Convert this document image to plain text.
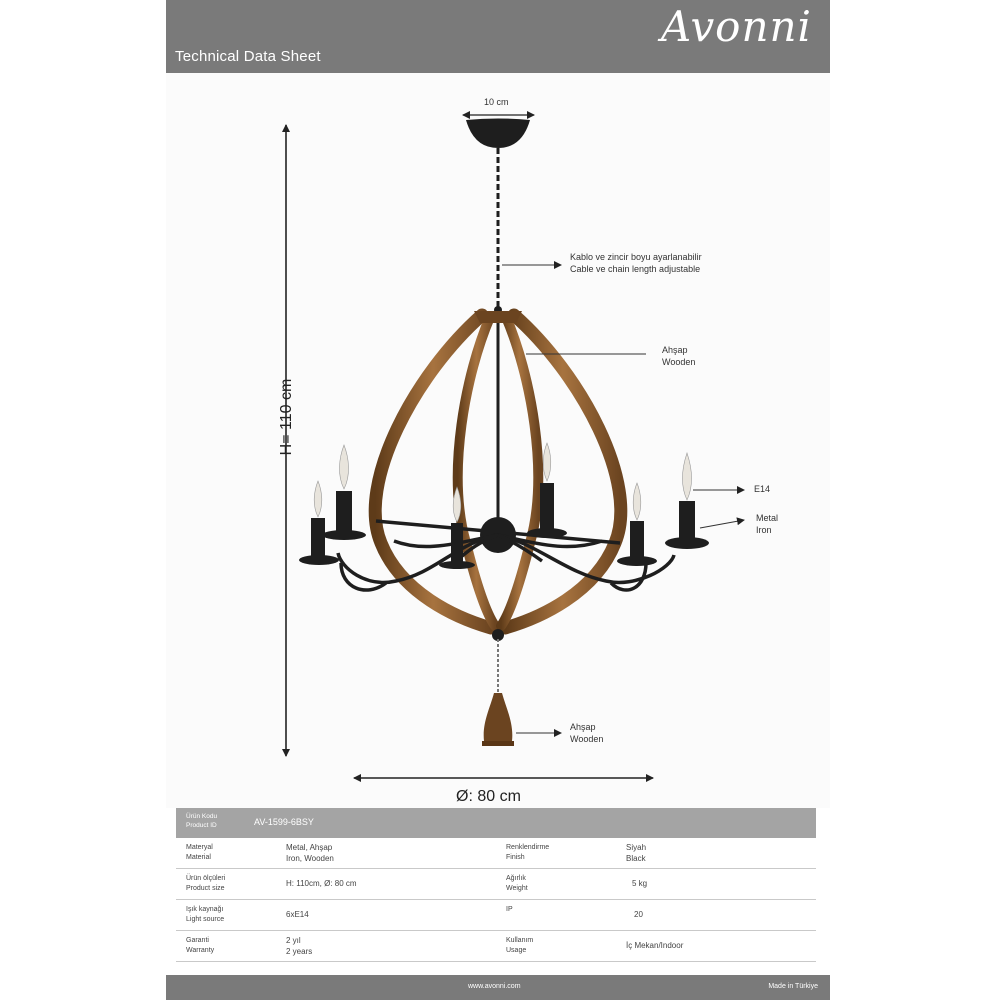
Technical Data Sheet
Avonni
10 cm
H= 110 cm
Ø: 80 cm
Kablo ve zincir boyu ayarlanabilir
Cable ve chain length adjustable
Ahşap
Wooden
E14
Metal
Iron
Ahşap
Wooden
Ürün Kodu
Product ID	AV-1599-6BSY
Materyal
Material
Metal, Ahşap
Iron, Wooden
Renklendirme
Finish
Siyah
Black
Ürün ölçüleri
Product size
H: 110cm, Ø: 80 cm
Ağırlık
Weight
5 kg
Işık kaynağı
Light source
6xE14
IP
20
Garanti
Warranty
2 yıl
2 years
Kullanım
Usage
İç Mekan/Indoor
www.avonni.com	Made in Türkiye
